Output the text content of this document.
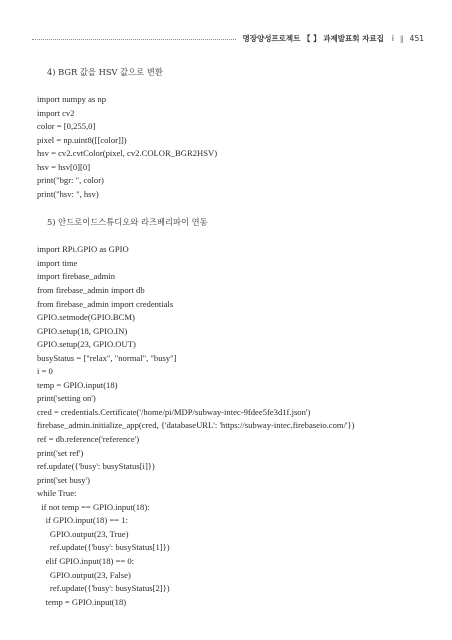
명장양성프로젝트 【 】 과제발표회 자료집 ⅰ ‖ 451
4) BGR 값을 HSV 값으로 변환
import numpy as np
import cv2
color = [0,255,0]
pixel = np.uint8([[color]])
hsv = cv2.cvtColor(pixel, cv2.COLOR_BGR2HSV)
hsv = hsv[0][0]
print("bgr: ", color)
print("hsv: ", hsv)
5) 안드로이드스튜디오와 라즈베리파이 연동
import RPi.GPIO as GPIO
import time
import firebase_admin
from firebase_admin import db
from firebase_admin import credentials
GPIO.setmode(GPIO.BCM)
GPIO.setup(18, GPIO.IN)
GPIO.setup(23, GPIO.OUT)
busyStatus = ["relax", "normal", "busy"]
i = 0
temp = GPIO.input(18)
print('setting on')
cred = credentials.Certificate('/home/pi/MDP/subway-intec-9fdee5fe3d1f.json')
firebase_admin.initialize_app(cred, {'databaseURL': 'https://subway-intec.firebaseio.com/'})
ref = db.reference('reference')
print('set ref')
ref.update({'busy': busyStatus[i]})
print('set busy')
while True:
if not temp == GPIO.input(18):
if GPIO.input(18) == 1:
GPIO.output(23, True)
ref.update({'busy': busyStatus[1]})
elif GPIO.input(18) == 0:
GPIO.output(23, False)
ref.update({'busy': busyStatus[2]})
temp = GPIO.input(18)
